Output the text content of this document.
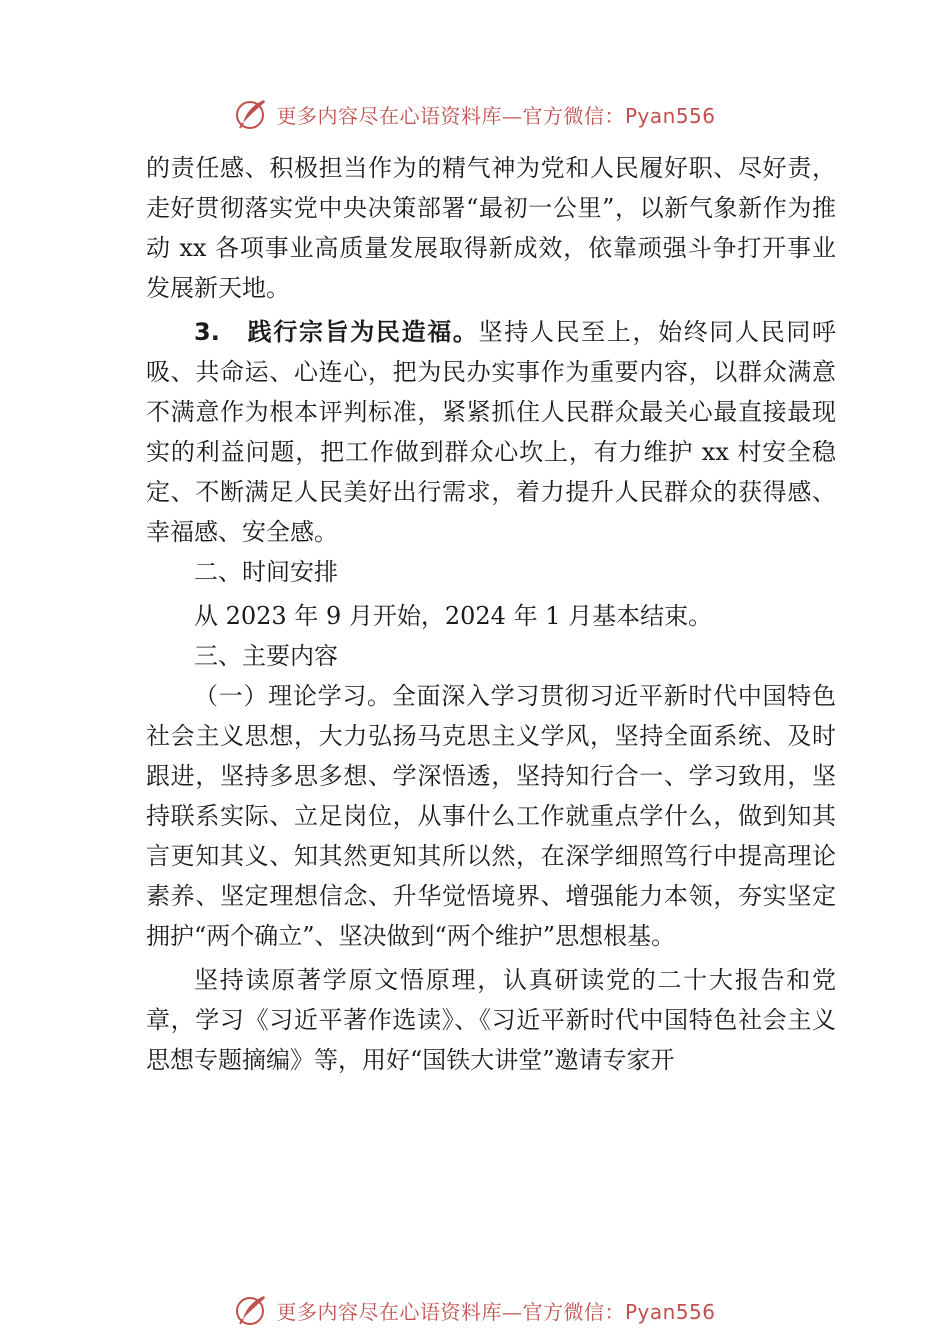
更多内容尽在心语资料库—官方微信：Pyan556

的责任感、积极担当作为的精气神为党和人民履好职、尽好责，走好贯彻落实党中央决策部署“最初一公里”，以新气象新作为推动 xx 各项事业高质量发展取得新成效，依靠顽强斗争打开事业发展新天地。

3. 践行宗旨为民造福。坚持人民至上，始终同人民同呼吸、共命运、心连心，把为民办实事作为重要内容，以群众满意不满意作为根本评判标准，紧紧抓住人民群众最关心最直接最现实的利益问题，把工作做到群众心坎上，有力维护 xx 村安全稳定、不断满足人民美好出行需求，着力提升人民群众的获得感、幸福感、安全感。

二、时间安排

从 2023 年 9 月开始，2024 年 1 月基本结束。

三、主要内容

（一）理论学习。全面深入学习贯彻习近平新时代中国特色社会主义思想，大力弘扬马克思主义学风，坚持全面系统、及时跟进，坚持多思多想、学深悟透，坚持知行合一、学习致用，坚持联系实际、立足岗位，从事什么工作就重点学什么，做到知其言更知其义、知其然更知其所以然，在深学细照笃行中提高理论素养、坚定理想信念、升华觉悟境界、增强能力本领，夯实坚定拥护“两个确立”、坚决做到“两个维护”思想根基。

坚持读原著学原文悟原理，认真研读党的二十大报告和党章，学习《习近平著作选读》、《习近平新时代中国特色社会主义思想专题摘编》等，用好“国铁大讲堂”邀请专家开

更多内容尽在心语资料库—官方微信：Pyan556
